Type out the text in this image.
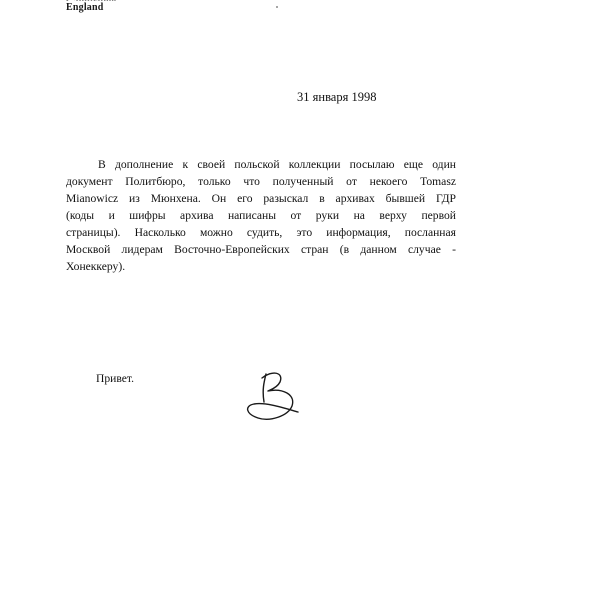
England
31 января 1998
В дополнение к своей польской коллекции посылаю еще один
документ Политбюро, только что полученный от некоего Tomasz
Mianowicz из Мюнхена. Он его разыскал в архивах бывшей ГДР
(коды и шифры архива написаны от руки на верху первой
страницы). Насколько можно судить, это информация, посланная
Москвой лидерам Восточно-Европейских стран (в данном случае -
Хонеккеру).
Привет.
